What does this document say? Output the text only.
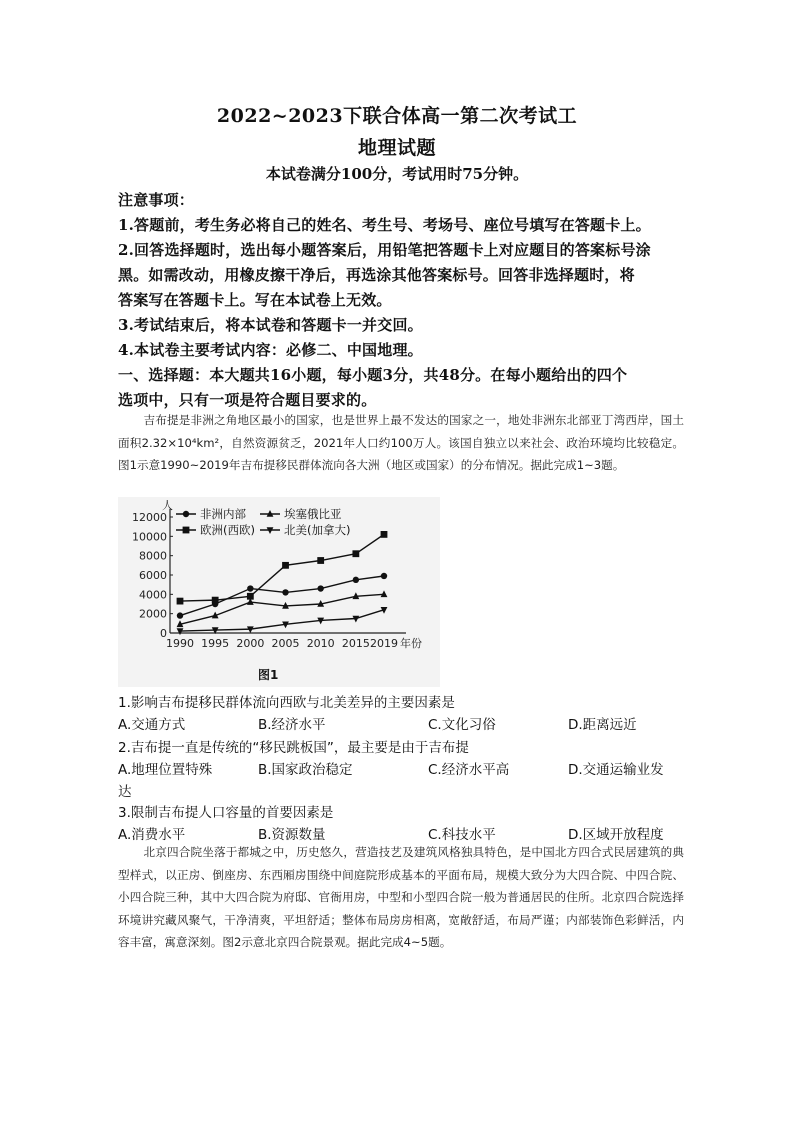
2022~2023下联合体高一第二次考试工
地理试题
本试卷满分100分，考试用时75分钟。
注意事项：
1.答题前，考生务必将自己的姓名、考生号、考场号、座位号填写在答题卡上。
2.回答选择题时，选出每小题答案后，用铅笔把答题卡上对应题目的答案标号涂
黑。如需改动，用橡皮擦干净后，再选涂其他答案标号。回答非选择题时，将
答案写在答题卡上。写在本试卷上无效。
3.考试结束后，将本试卷和答题卡一并交回。
4.本试卷主要考试内容：必修二、中国地理。
一、选择题：本大题共16小题，每小题3分，共48分。在每小题给出的四个
选项中，只有一项是符合题目要求的。
吉布提是非洲之角地区最小的国家，也是世界上最不发达的国家之一，地处非洲东北部亚丁湾西岸，国土面积2.32×10⁴km²，自然资源贫乏，2021年人口约100万人。该国自独立以来社会、政治环境均比较稳定。图1示意1990~2019年吉布提移民群体流向各大洲（地区或国家）的分布情况。据此完成1~3题。
非洲内部	埃塞俄比亚
欧洲(西欧)	北美(加拿大)
人
0
2000
4000
6000
8000
10000
12000
1990 1995 2000 2005 2010 2015 2019 年份
图1
1.影响吉布提移民群体流向西欧与北美差异的主要因素是
A.交通方式	B.经济水平	C.文化习俗	D.距离远近
2.吉布提一直是传统的“移民跳板国”，最主要是由于吉布提
A.地理位置特殊	B.国家政治稳定	C.经济水平高	D.交通运输业发
达
3.限制吉布提人口容量的首要因素是
A.消费水平	B.资源数量	C.科技水平	D.区域开放程度
北京四合院坐落于都城之中，历史悠久，营造技艺及建筑风格独具特色，是中国北方四合式民居建筑的典型样式，以正房、倒座房、东西厢房围绕中间庭院形成基本的平面布局，规模大致分为大四合院、中四合院、小四合院三种，其中大四合院为府邸、官衙用房，中型和小型四合院一般为普通居民的住所。北京四合院选择环境讲究藏风聚气，干净清爽，平坦舒适；整体布局房房相离，宽敞舒适，布局严谨；内部装饰色彩鲜活，内容丰富，寓意深刻。图2示意北京四合院景观。据此完成4~5题。
